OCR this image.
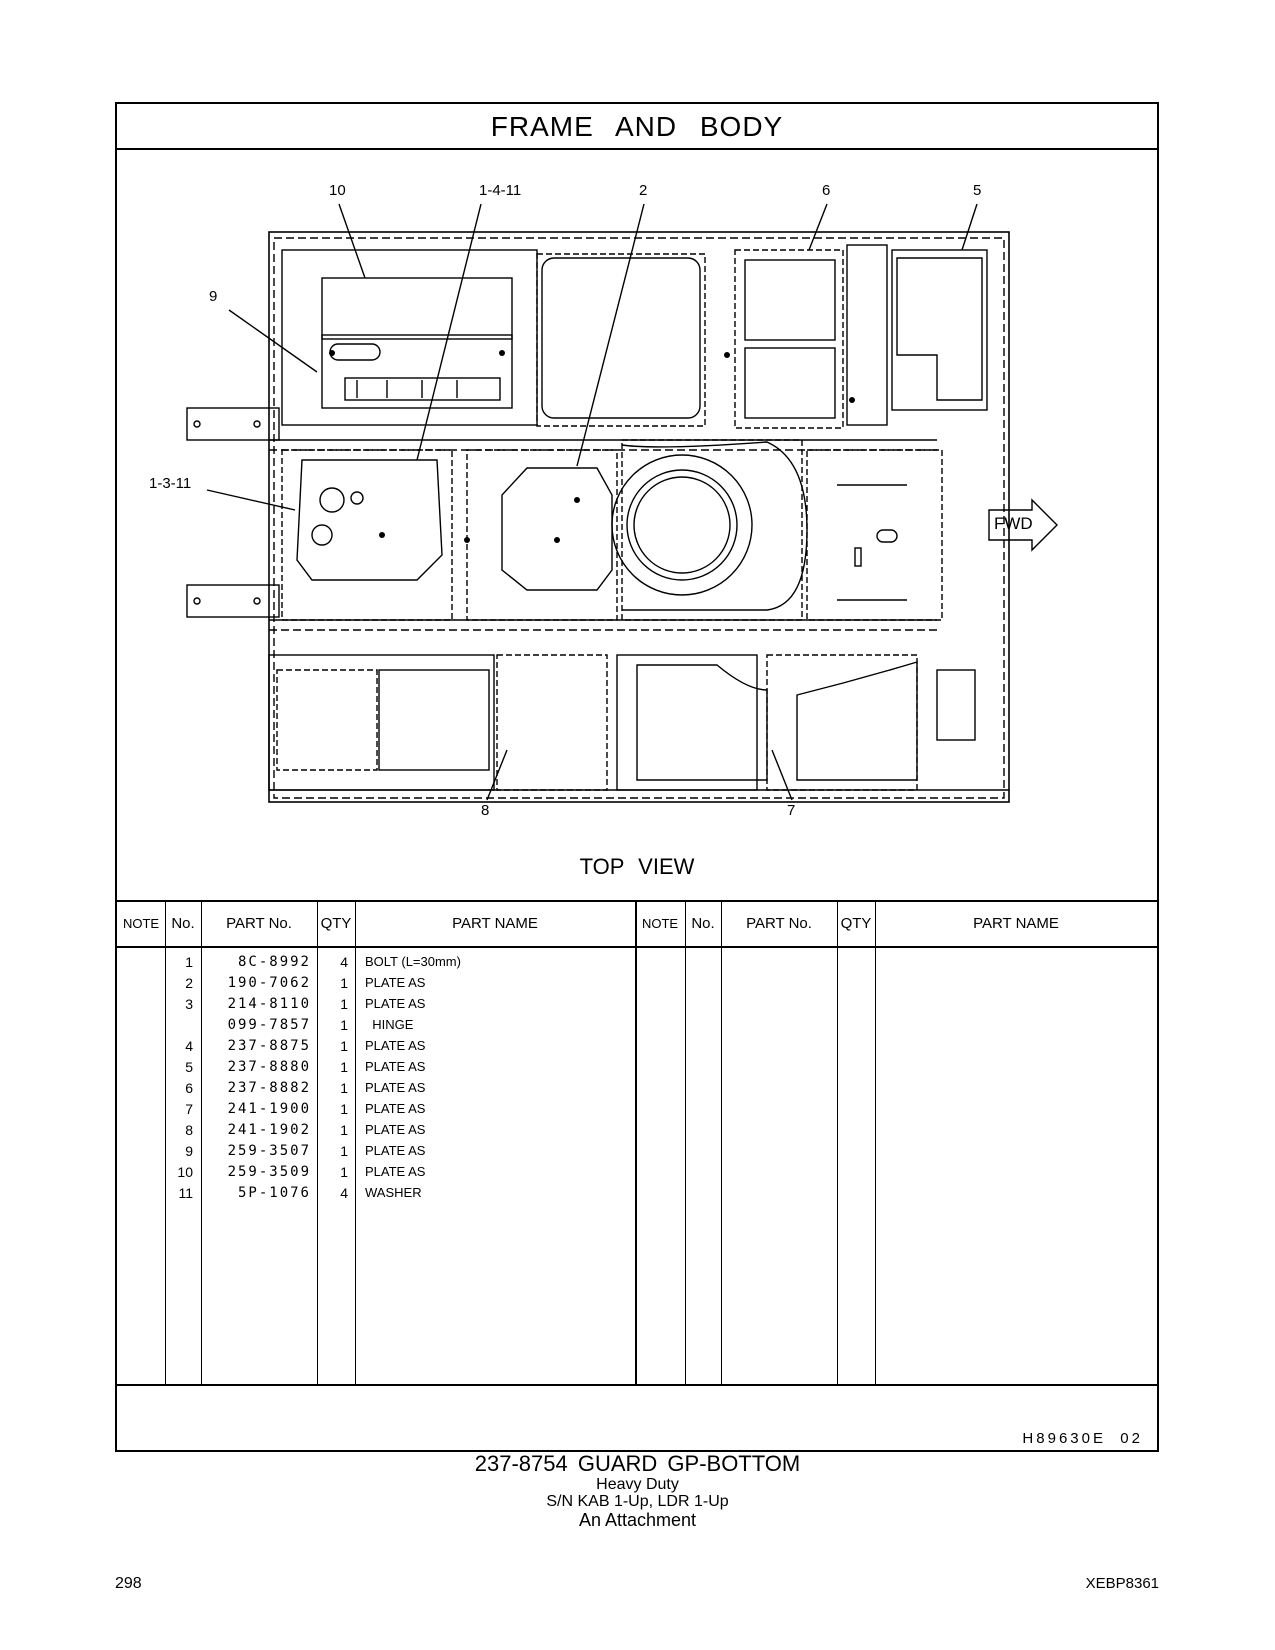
FRAME AND BODY
10	1-4-11	2	6	5
9
1-3-11
8	7
FWD
TOP VIEW
NOTE No.	PART No.	QTY	PART NAME	NOTE No.	PART No.	QTY	PART NAME
1	8C-8992	4 BOLT (L=30mm)
2	190-7062	1 PLATE AS
3	214-8110	1 PLATE AS
099-7857	1 HINGE
4	237-8875	1 PLATE AS
5	237-8880	1 PLATE AS
6	237-8882	1 PLATE AS
7	241-1900	1 PLATE AS
8	241-1902	1 PLATE AS
9	259-3507	1 PLATE AS
10	259-3509	1 PLATE AS
11	5P-1076	4 WASHER
H89630E  02
237-8754 GUARD GP-BOTTOM
Heavy Duty
S/N KAB 1-Up, LDR 1-Up
An Attachment
298	XEBP8361
